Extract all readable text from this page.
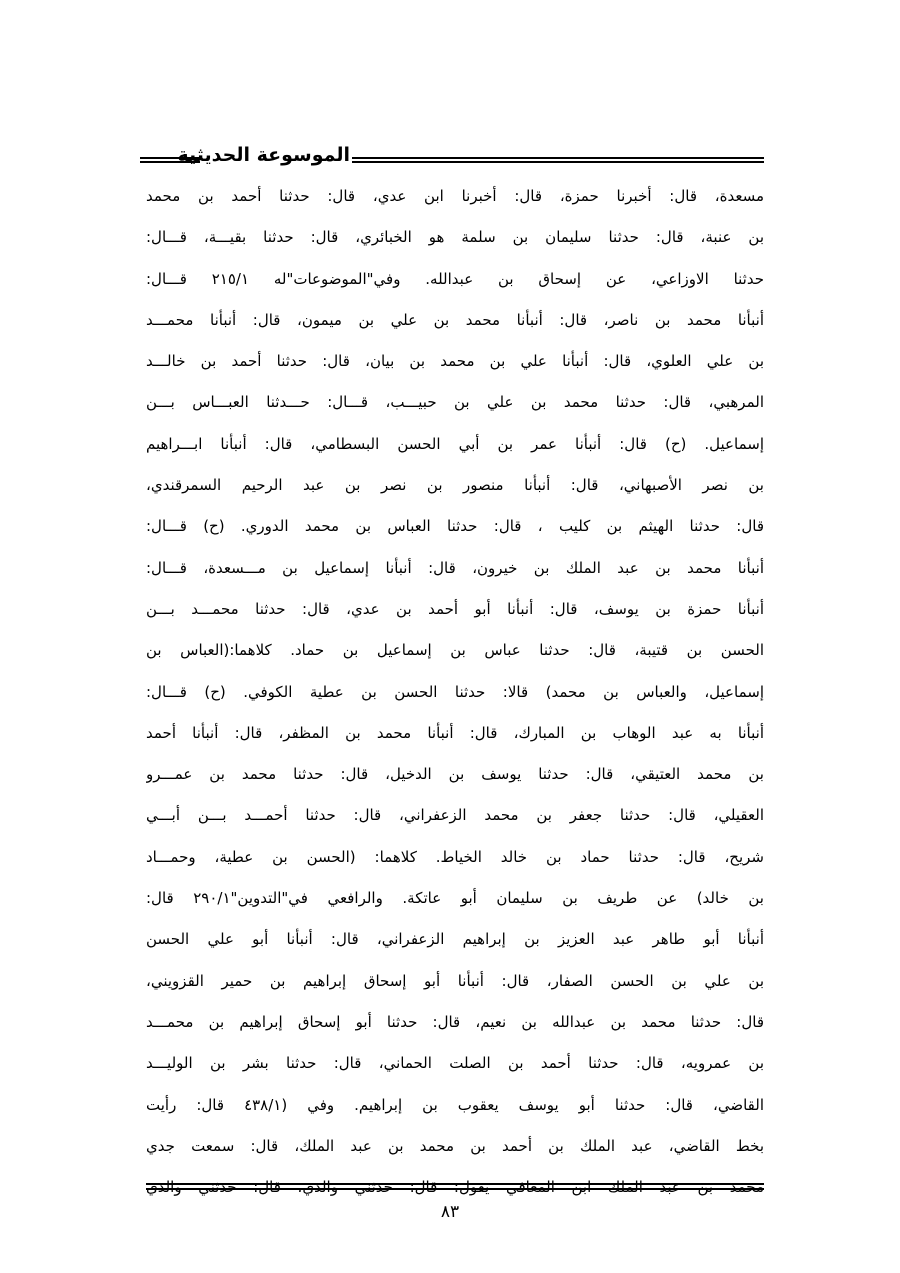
الموسوعة الحديثية
مسعدة، قال: أخبرنا حمزة، قال: أخبرنا ابن عدي، قال: حدثنا أحمد بن محمد
بن عنبة، قال: حدثنا سليمان بن سلمة هو الخبائري، قال: حدثنا بقيـــة، قـــال:
حدثنا الاوزاعي، عن إسحاق بن عبدالله. وفي"الموضوعات"له ٢١٥/١ قـــال:
أنبأنا محمد بن ناصر، قال: أنبأنا محمد بن علي بن ميمون، قال: أنبأنا محمـــد
بن علي العلوي، قال: أنبأنا علي بن محمد بن بيان، قال: حدثنا أحمد بن خالـــد
المرهبي، قال: حدثنا محمد بن علي بن حبيـــب، قـــال: حـــدثنا العبـــاس بـــن
إسماعيل. (ح) قال: أنبأنا عمر بن أبي الحسن البسطامي، قال: أنبأنا ابـــراهيم
بن نصر الأصبهاني، قال: أنبأنا منصور بن نصر بن عبد الرحيم السمرقندي،
قال: حدثنا الهيثم بن كليب ، قال: حدثنا العباس بن محمد الدوري. (ح) قـــال:
أنبأنا محمد بن عبد الملك بن خيرون، قال: أنبأنا إسماعيل بن مـــسعدة، قـــال:
أنبأنا حمزة بن يوسف، قال: أنبأنا أبو أحمد بن عدي، قال: حدثنا محمـــد بـــن
الحسن بن قتيبة، قال: حدثنا عباس بن إسماعيل بن حماد. كلاهما:(العباس بن
إسماعيل، والعباس بن محمد) قالا: حدثنا الحسن بن عطية الكوفي. (ح) قـــال:
أنبأنا به عبد الوهاب بن المبارك، قال: أنبأنا محمد بن المظفر، قال: أنبأنا أحمد
بن محمد العتيقي، قال: حدثنا يوسف بن الدخيل، قال: حدثنا محمد بن عمـــرو
العقيلي، قال: حدثنا جعفر بن محمد الزعفراني، قال: حدثنا أحمـــد بـــن أبـــي
شريح، قال: حدثنا حماد بن خالد الخياط. كلاهما: (الحسن بن عطية، وحمـــاد
بن خالد) عن طريف بن سليمان أبو عاتكة. والرافعي في"التدوين"٢٩٠/١ قال:
أنبأنا أبو طاهر عبد العزيز بن إبراهيم الزعفراني، قال: أنبأنا أبو علي الحسن
بن علي بن الحسن الصفار، قال: أنبأنا أبو إسحاق إبراهيم بن حمير القزويني،
قال: حدثنا محمد بن عبدالله بن نعيم، قال: حدثنا أبو إسحاق إبراهيم بن محمـــد
بن عمرويه، قال: حدثنا أحمد بن الصلت الحماني، قال: حدثنا بشر بن الوليـــد
القاضي، قال: حدثنا أبو يوسف يعقوب بن إبراهيم. وفي (٤٣٨/١ قال: رأيت
بخط القاضي، عبد الملك بن أحمد بن محمد بن عبد الملك، قال: سمعت جدي
محمد بن عبد الملك ابن المعافي يقول: قال: حدثني والدي، قال: حدثني والدي
٨٣
